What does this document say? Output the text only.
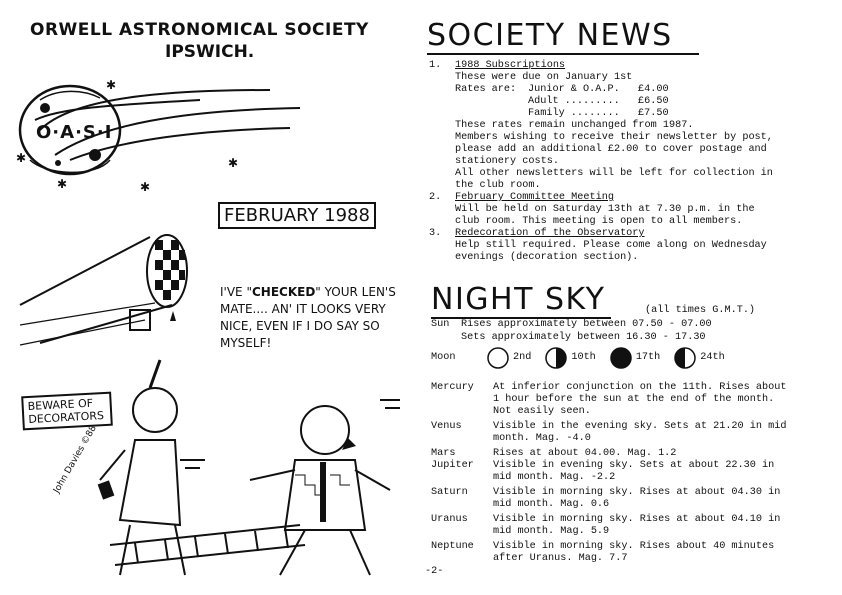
ORWELL ASTRONOMICAL SOCIETY
IPSWICH.
✱
✱
✱	✱
✱
O·A·S·I
FEBRUARY 1988
I'VE "CHECKED" YOUR LEN'S MATE.... AN' IT LOOKS VERY NICE, EVEN IF I DO SAY SO MYSELF!
BEWARE OF DECORATORS
John Davies ©88
SOCIETY NEWS
1. 1988 Subscriptions
These were due on January 1st
Rates are:	Junior & O.A.P.	£4.00
Adult .........	£6.50
Family ........	£7.50
These rates remain unchanged from 1987.
Members wishing to receive their newsletter by post,
please add an additional £2.00 to cover postage and
stationery costs.
All other newsletters will be left for collection in
the club room.
2. February Committee Meeting
Will be held on Saturday 13th at 7.30 p.m. in the
club room. This meeting is open to all members.
3. Redecoration of the Observatory
Help still required. Please come along on Wednesday
evenings (decoration section).
NIGHT SKY	(all times G.M.T.)
Sun	Rises approximately between 07.50 - 07.00
Sets approximately between 16.30 - 17.30
Moon	2nd	10th	17th	24th
Mercury	At inferior conjunction on the 11th. Rises about
1 hour before the sun at the end of the month.
Not easily seen.
Venus	Visible in the evening sky. Sets at 21.20 in mid
month. Mag. -4.0
Mars	Rises at about 04.00. Mag. 1.2
Jupiter	Visible in evening sky. Sets at about 22.30 in
mid month. Mag. -2.2
Saturn	Visible in morning sky. Rises at about 04.30 in
mid month. Mag. 0.6
Uranus	Visible in morning sky. Rises at about 04.10 in
mid month. Mag. 5.9
Neptune	Visible in morning sky. Rises about 40 minutes
after Uranus. Mag. 7.7
-2-
